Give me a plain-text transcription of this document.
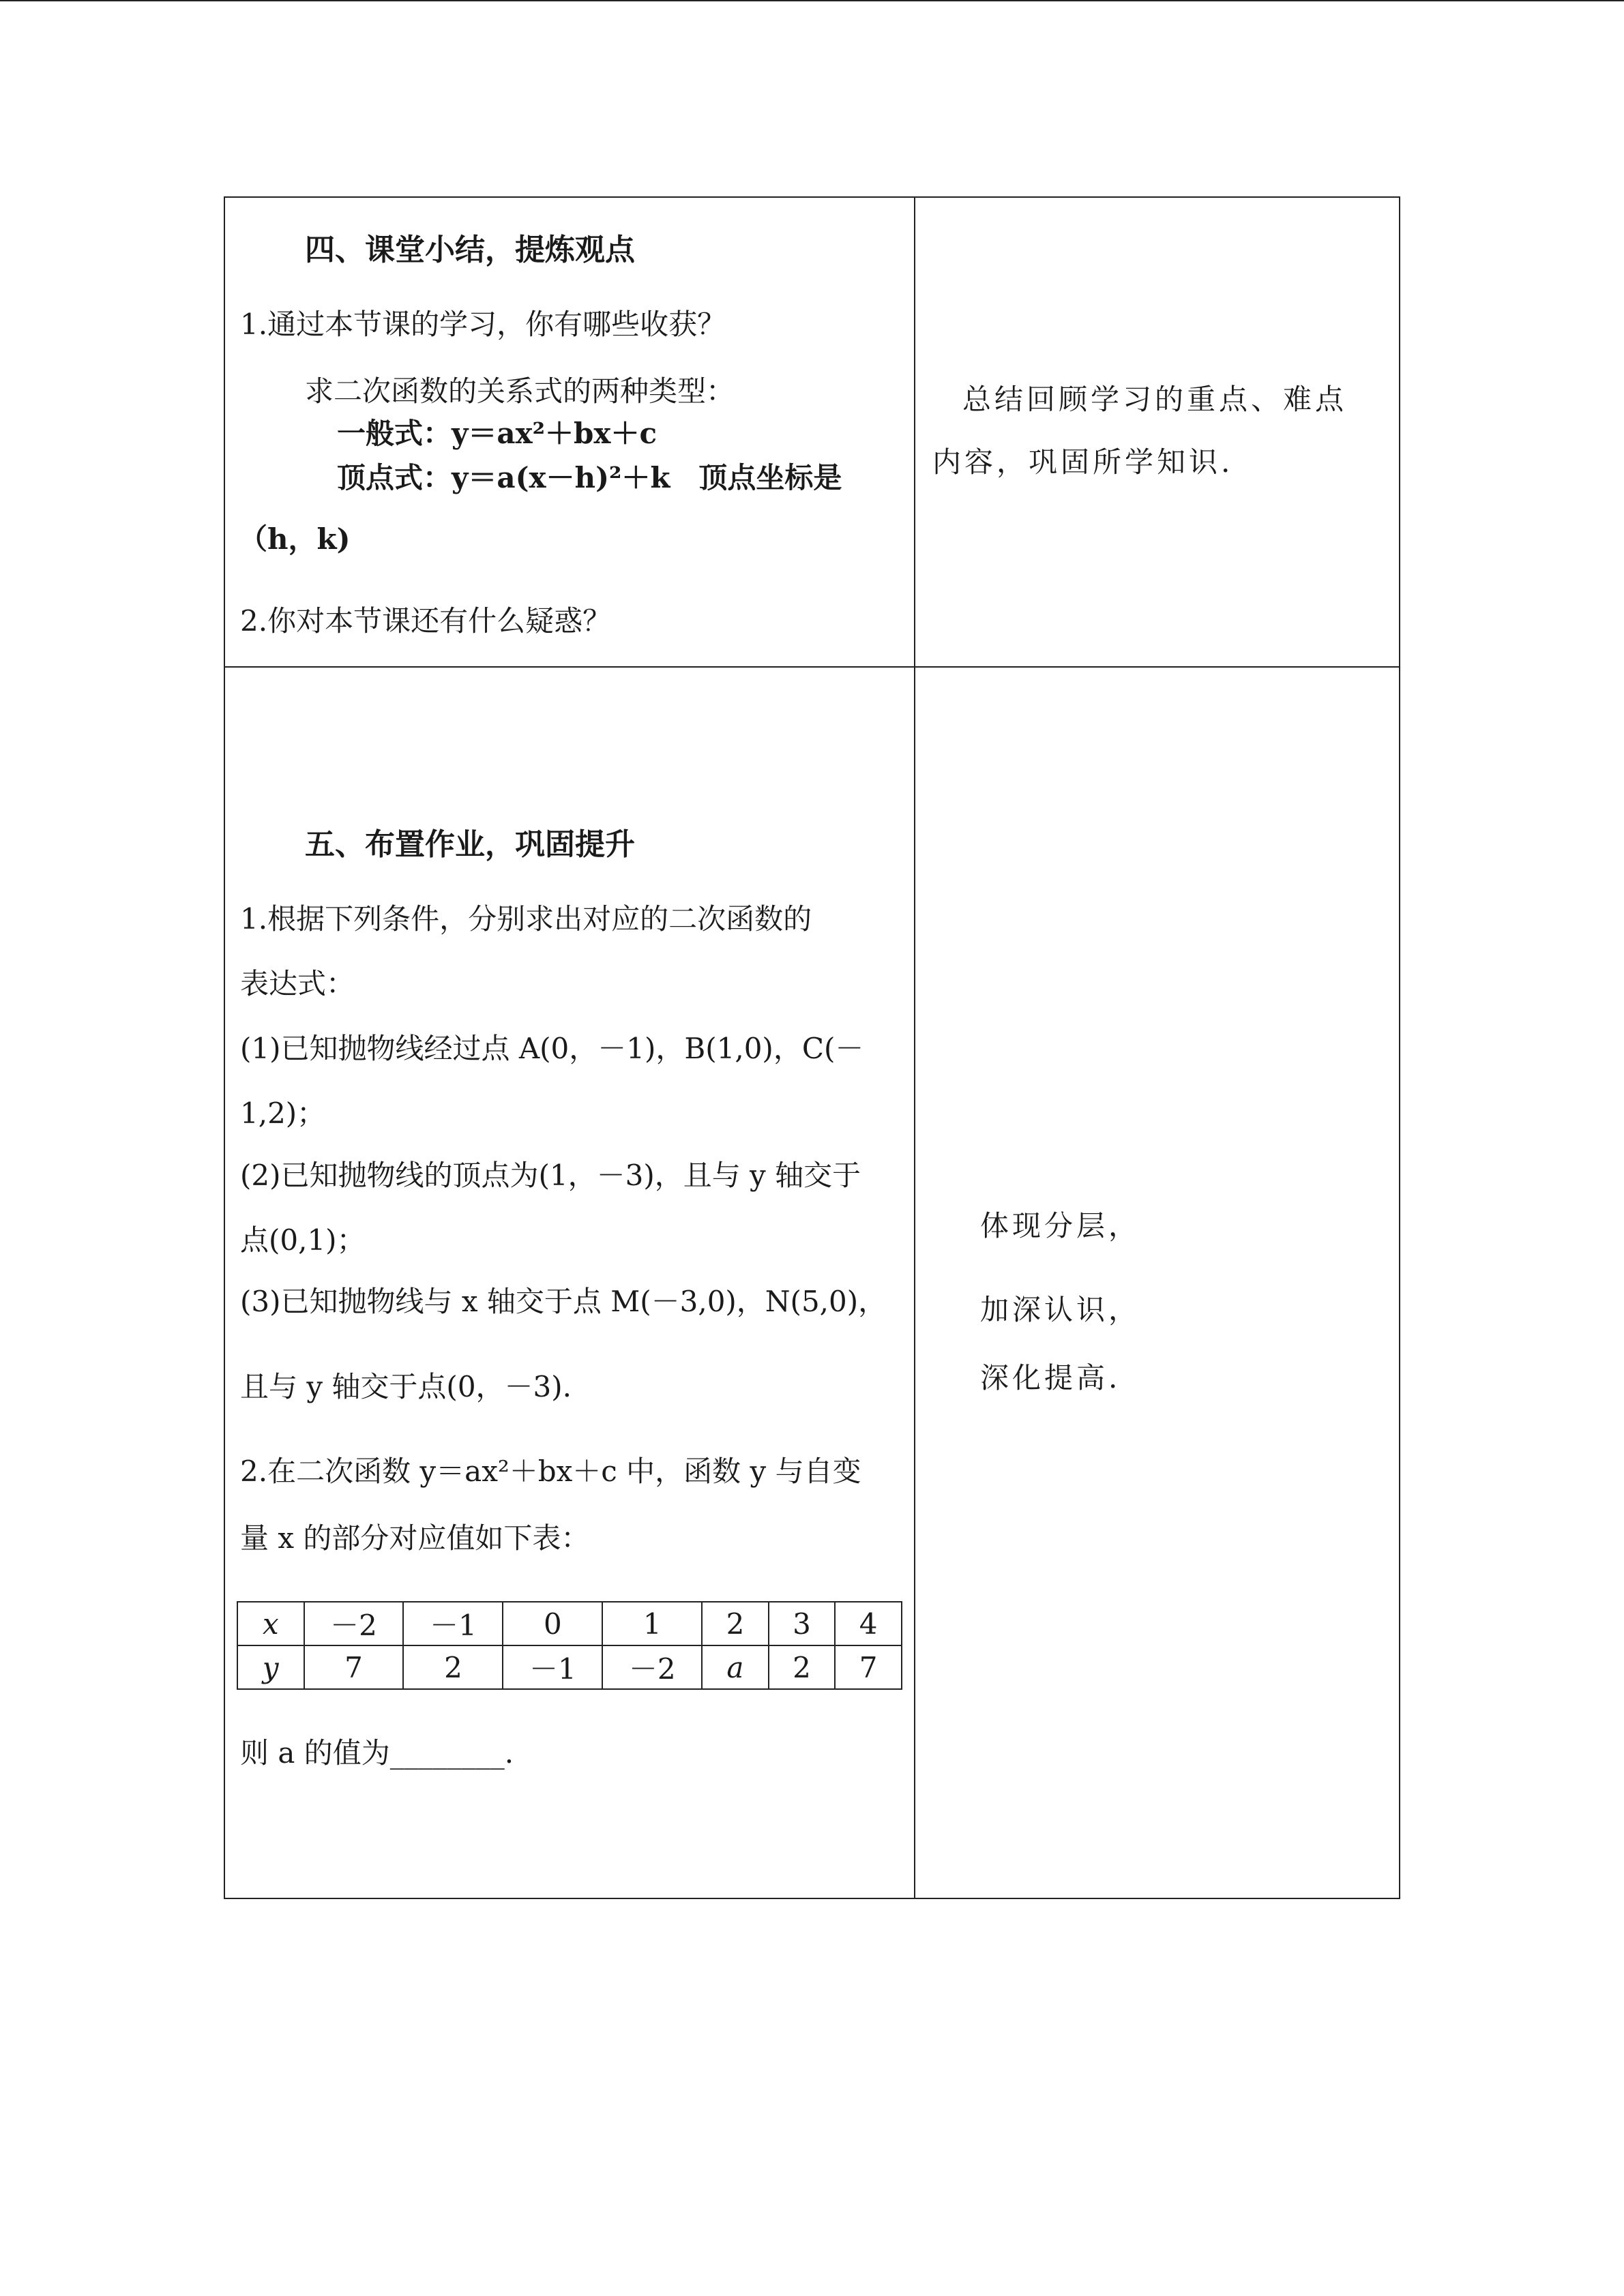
四、课堂小结，提炼观点
1.通过本节课的学习，你有哪些收获？
求二次函数的关系式的两种类型：
一般式：y＝ax²＋bx＋c
顶点式：y＝a(x－h)²＋k　顶点坐标是
（h，k)
2.你对本节课还有什么疑惑？
总结回顾学习的重点、难点
内容，巩固所学知识.
五、布置作业，巩固提升
1.根据下列条件，分别求出对应的二次函数的
表达式：
(1)已知抛物线经过点 A(0，－1)，B(1,0)，C(－
1,2)；
(2)已知抛物线的顶点为(1，－3)，且与 y 轴交于
点(0,1)；
(3)已知抛物线与 x 轴交于点 M(－3,0)，N(5,0)，
且与 y 轴交于点(0，－3).
2.在二次函数 y＝ax²＋bx＋c 中，函数 y 与自变
量 x 的部分对应值如下表：
x	－2	－1	0	1	2	3	4
y	7	2	－1	－2	a	2	7
则 a 的值为________.
体现分层，
加深认识，
深化提高.
